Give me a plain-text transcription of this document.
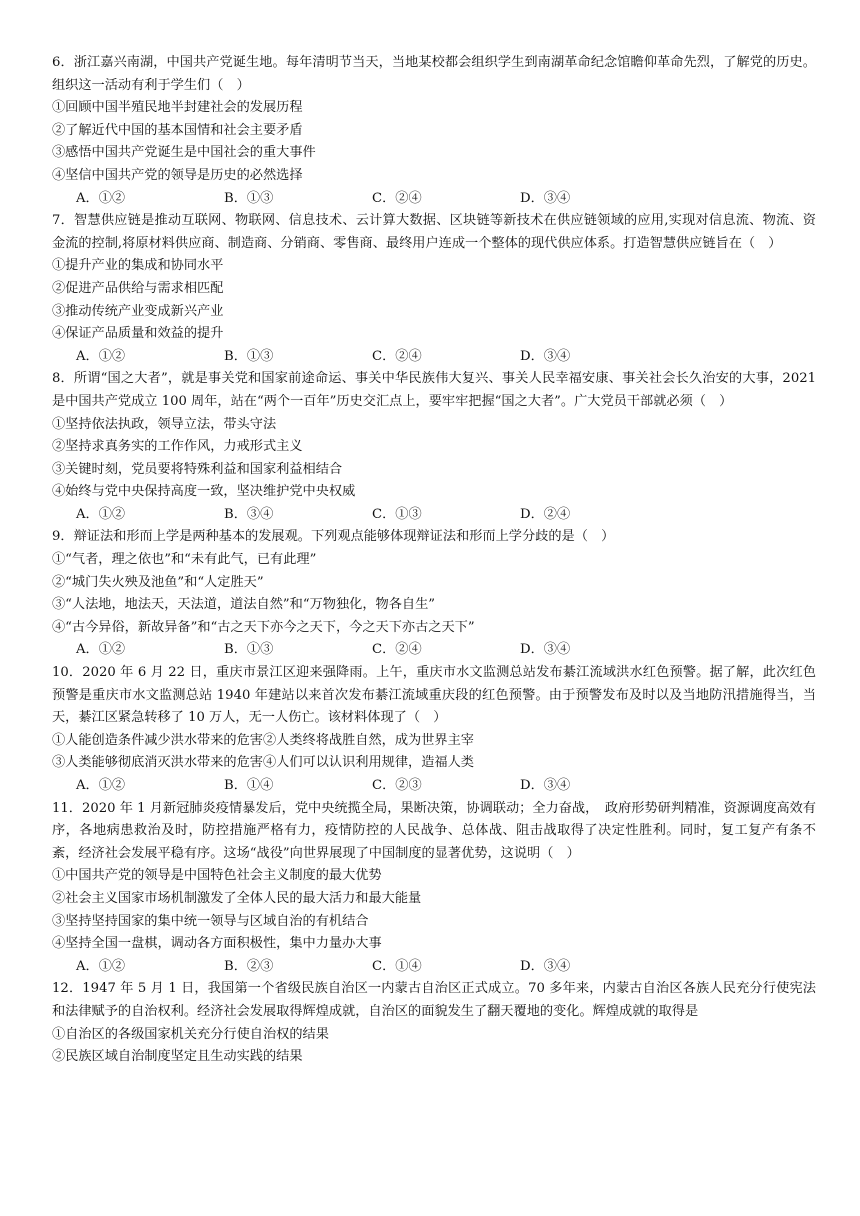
6．浙江嘉兴南湖，中国共产党诞生地。每年清明节当天，当地某校都会组织学生到南湖革命纪念馆瞻仰革命先烈，了解党的历史。组织这一活动有利于学生们（　）
①回顾中国半殖民地半封建社会的发展历程
②了解近代中国的基本国情和社会主要矛盾
③感悟中国共产党诞生是中国社会的重大事件
④坚信中国共产党的领导是历史的必然选择
A．①②	B．①③	C．②④	D．③④
7．智慧供应链是推动互联网、物联网、信息技术、云计算大数据、区块链等新技术在供应链领域的应用,实现对信息流、物流、资金流的控制,将原材料供应商、制造商、分销商、零售商、最终用户连成一个整体的现代供应体系。打造智慧供应链旨在（　）
①提升产业的集成和协同水平
②促进产品供给与需求相匹配
③推动传统产业变成新兴产业
④保证产品质量和效益的提升
A．①②	B．①③	C．②④	D．③④
8．所谓“国之大者”，就是事关党和国家前途命运、事关中华民族伟大复兴、事关人民幸福安康、事关社会长久治安的大事，2021 是中国共产党成立 100 周年，站在“两个一百年”历史交汇点上，要牢牢把握“国之大者”。广大党员干部就必须（　）
①坚持依法执政，领导立法，带头守法
②坚持求真务实的工作作风，力戒形式主义
③关键时刻，党员要将特殊利益和国家利益相结合
④始终与党中央保持高度一致，坚决维护党中央权威
A．①②	B．③④	C．①③	D．②④
9．辩证法和形而上学是两种基本的发展观。下列观点能够体现辩证法和形而上学分歧的是（　）
①“气者，理之依也”和“未有此气，已有此理”
②“城门失火殃及池鱼”和“人定胜天”
③“人法地，地法天，天法道，道法自然”和“万物独化，物各自生”
④“古今异俗，新故异备”和“古之天下亦今之天下，今之天下亦古之天下”
A．①②	B．①③	C．②④	D．③④
10．2020 年 6 月 22 日，重庆市景江区迎来强降雨。上午，重庆市水文监测总站发布綦江流域洪水红色预警。据了解，此次红色预警是重庆市水文监测总站 1940 年建站以来首次发布綦江流域重庆段的红色预警。由于预警发布及时以及当地防汛措施得当，当天，綦江区紧急转移了 10 万人，无一人伤亡。该材料体现了（　）
①人能创造条件减少洪水带来的危害②人类终将战胜自然，成为世界主宰
③人类能够彻底消灭洪水带来的危害④人们可以认识利用规律，造福人类
A．①②	B．①④	C．②③	D．③④
11．2020 年 1 月新冠肺炎疫情暴发后，党中央统揽全局，果断决策，协调联动；全力奋战，　政府形势研判精准，资源调度高效有序，各地病患救治及时，防控措施严格有力，疫情防控的人民战争、总体战、阻击战取得了决定性胜利。同时，复工复产有条不紊，经济社会发展平稳有序。这场“战役”向世界展现了中国制度的显著优势，这说明（　）
①中国共产党的领导是中国特色社会主义制度的最大优势
②社会主义国家市场机制激发了全体人民的最大活力和最大能量
③坚持坚持国家的集中统一领导与区域自治的有机结合
④坚持全国一盘棋，调动各方面积极性，集中力量办大事
A．①②	B．②③	C．①④	D．③④
12．1947 年 5 月 1 日，我国第一个省级民族自治区一内蒙古自治区正式成立。70 多年来，内蒙古自治区各族人民充分行使宪法和法律赋予的自治权利。经济社会发展取得辉煌成就，自治区的面貌发生了翻天覆地的变化。辉煌成就的取得是
①自治区的各级国家机关充分行使自治权的结果
②民族区域自治制度坚定且生动实践的结果
